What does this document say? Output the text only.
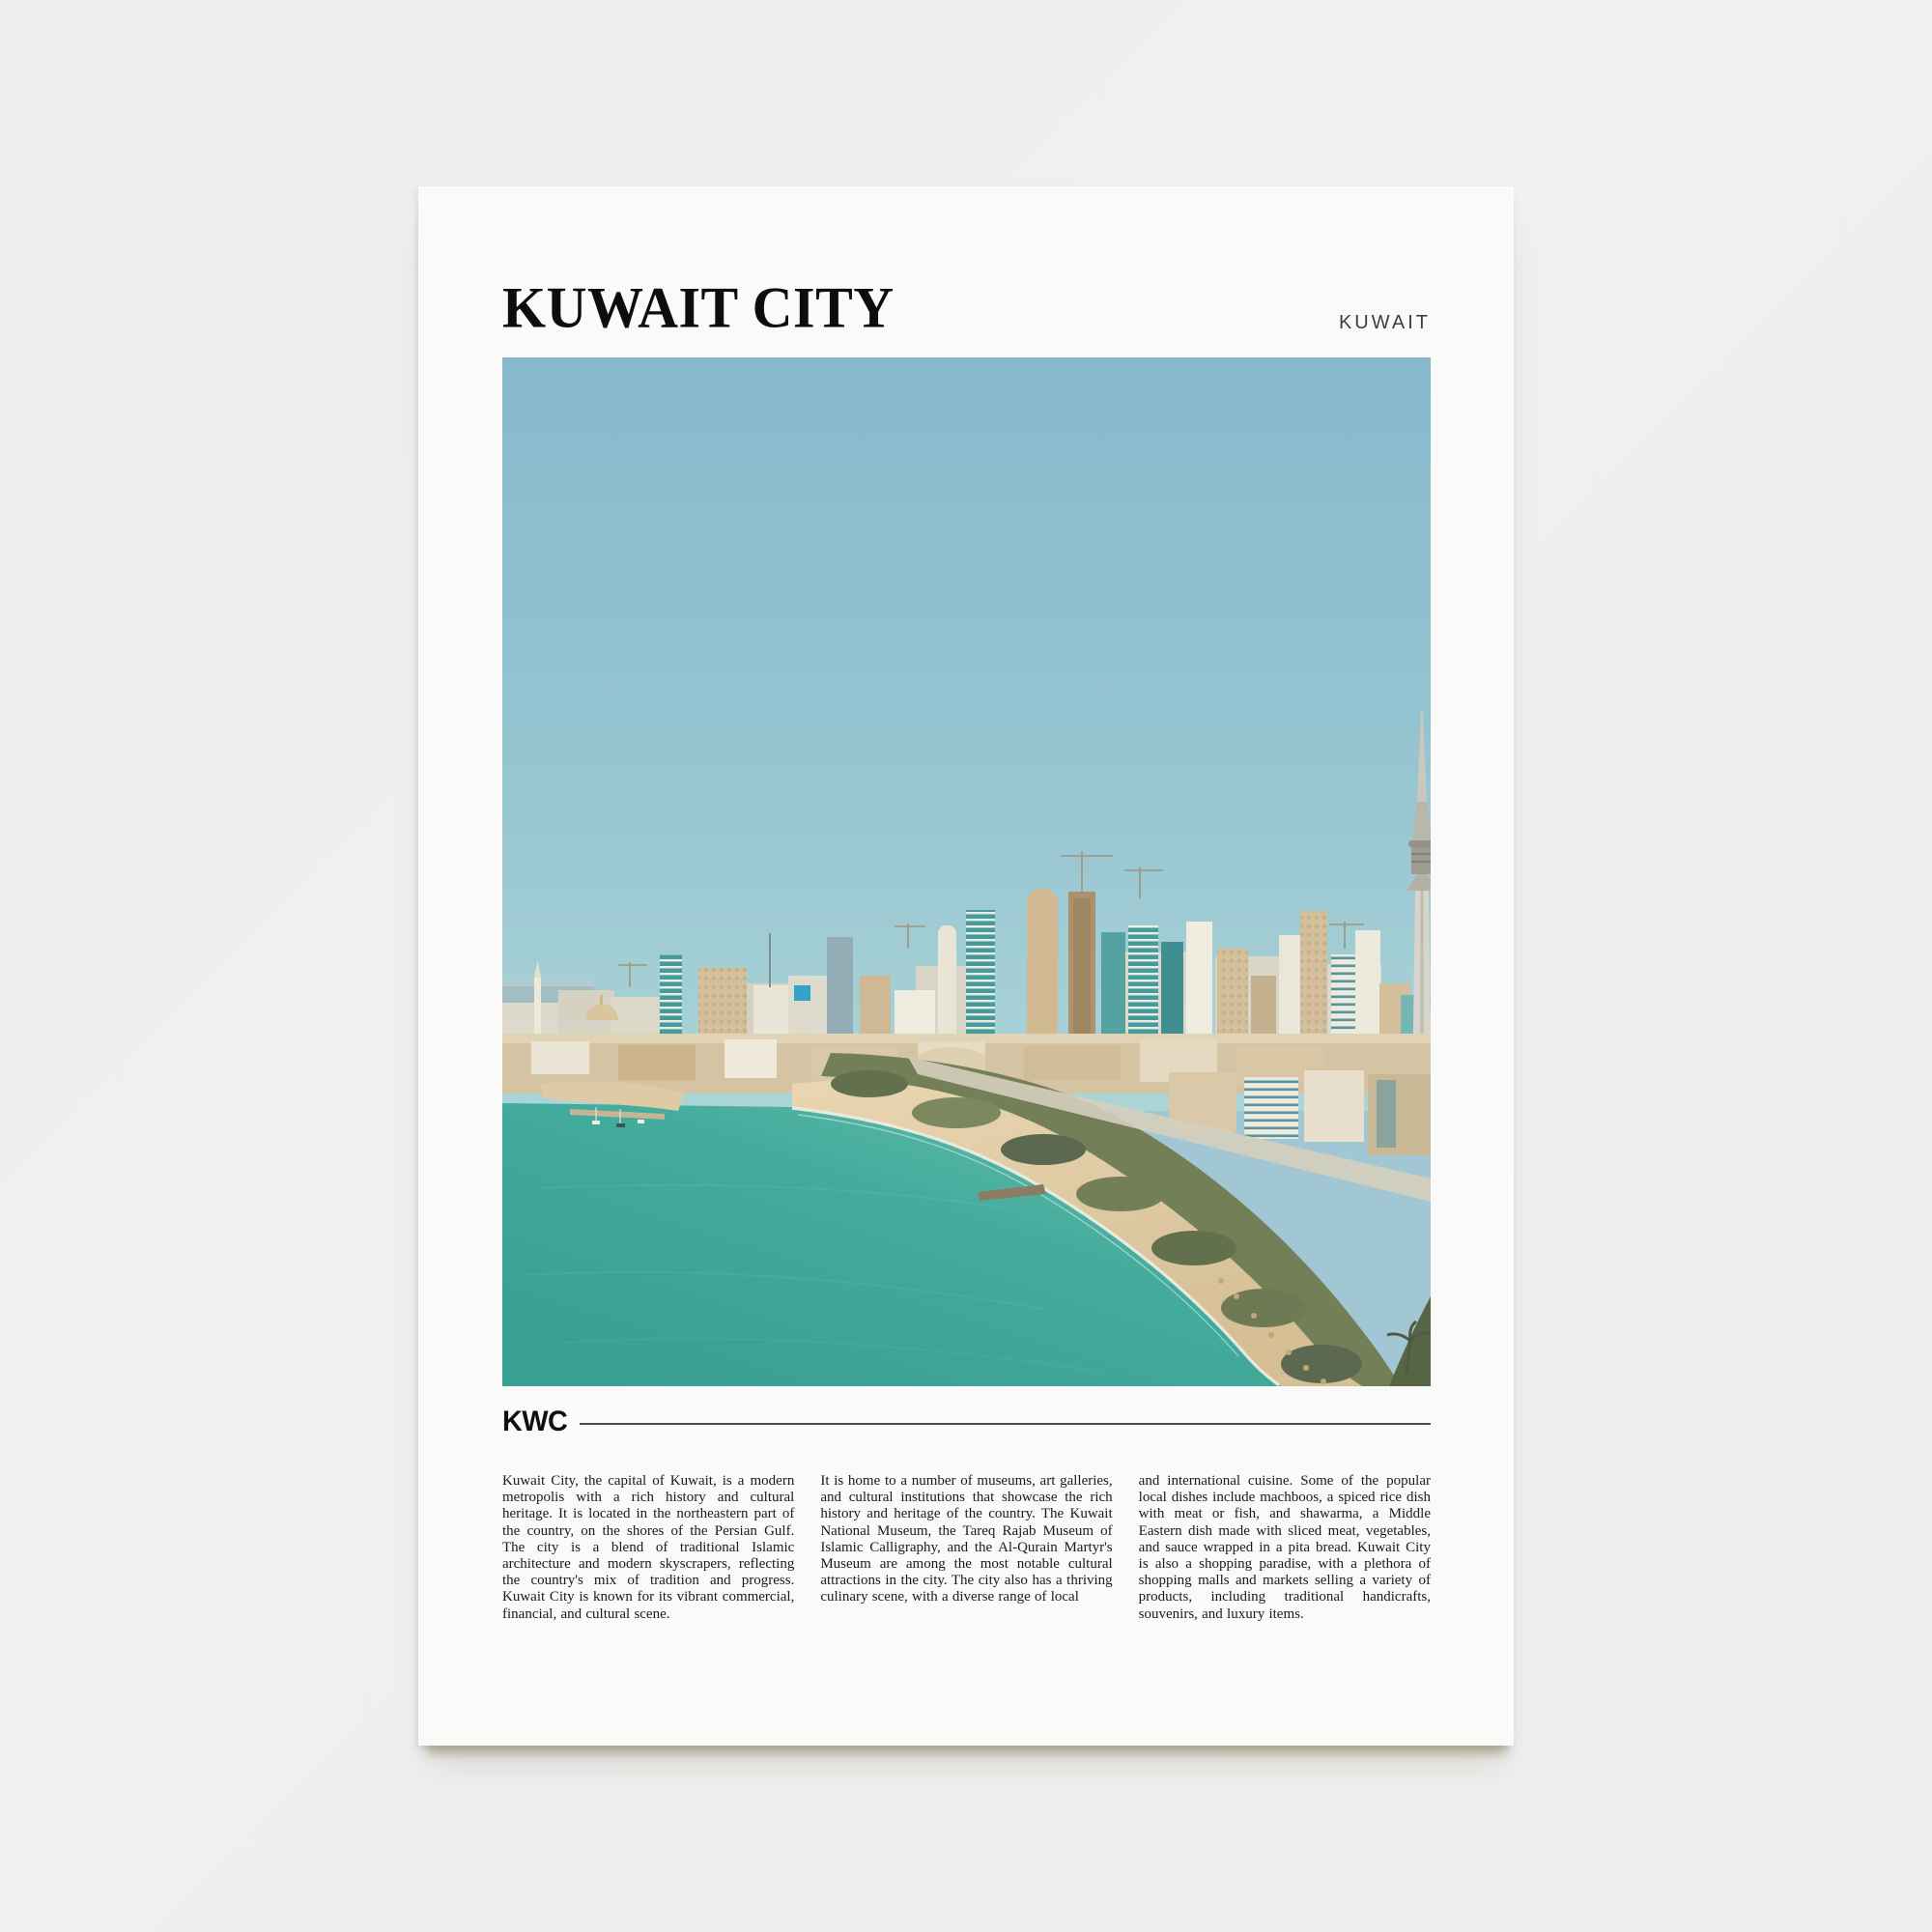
KUWAIT CITY	KUWAIT
KWC
Kuwait City, the capital of Kuwait, is a modern metropolis with a rich history and cultural heritage. It is located in the northeastern part of the country, on the shores of the Persian Gulf. The city is a blend of traditional Islamic architecture and modern skyscrapers, reflecting the country's mix of tradition and progress. Kuwait City is known for its vibrant commercial, financial, and cultural scene.
It is home to a number of museums, art galleries, and cultural institutions that showcase the rich history and heritage of the country. The Kuwait National Museum, the Tareq Rajab Museum of Islamic Calligraphy, and the Al-Qurain Martyr's Museum are among the most notable cultural attractions in the city. The city also has a thriving culinary scene, with a diverse range of local
and international cuisine. Some of the popular local dishes include machboos, a spiced rice dish with meat or fish, and shawarma, a Middle Eastern dish made with sliced meat, vegetables, and sauce wrapped in a pita bread. Kuwait City is also a shopping paradise, with a plethora of shopping malls and markets selling a variety of products, including traditional handicrafts, souvenirs, and luxury items.
